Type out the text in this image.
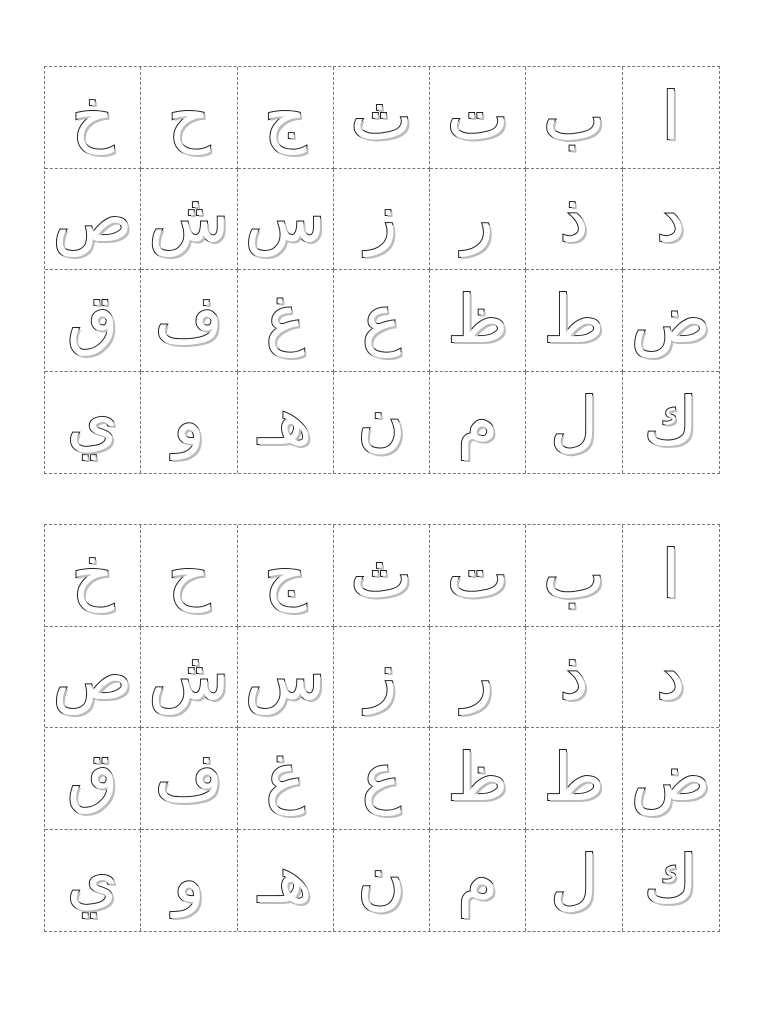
خ ح ج ث ت ب ا
ص ش س ز ر ذ د
ق ف غ ع ظ ط ض
ي و هـ ن م ل ك
خ ح ج ث ت ب ا
ص ش س ز ر ذ د
ق ف غ ع ظ ط ض
ي و هـ ن م ل ك
